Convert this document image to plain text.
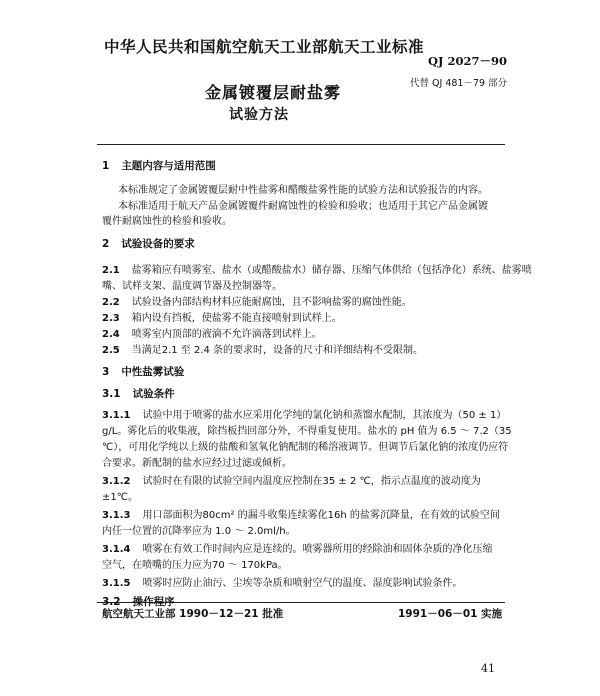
中华人民共和国航空航天工业部航天工业标准
QJ 2027－90
代替 QJ 481－79 部分
金属镀覆层耐盐雾
试验方法
1 主题内容与适用范围
本标准规定了金属镀覆层耐中性盐雾和醋酸盐雾性能的试验方法和试验报告的内容。
本标准适用于航天产品金属镀覆件耐腐蚀性的检验和验收；也适用于其它产品金属镀
覆件耐腐蚀性的检验和验收。
2 试验设备的要求
2.1 盐雾箱应有喷雾室、盐水（或醋酸盐水）储存器、压缩气体供给（包括净化）系统、盐雾喷
嘴、试样支架、温度调节器及控制器等。
2.2 试验设备内部结构材料应能耐腐蚀，且不影响盐雾的腐蚀性能。
2.3 箱内设有挡板，使盐雾不能直接喷射到试样上。
2.4 喷雾室内顶部的液滴不允许滴落到试样上。
2.5 当满足2.1 至 2.4 条的要求时，设备的尺寸和详细结构不受限制。
3 中性盐雾试验
3.1 试验条件
3.1.1 试验中用于喷雾的盐水应采用化学纯的氯化钠和蒸馏水配制，其浓度为（50 ± 1）
g/L。雾化后的收集液，除挡板挡回部分外，不得重复使用。盐水的 pH 值为 6.5 ～ 7.2（35
℃），可用化学纯以上级的盐酸和氢氧化钠配制的稀溶液调节。但调节后氯化钠的浓度仍应符
合要求。新配制的盐水应经过过滤或倾析。
3.1.2 试验时在有限的试验空间内温度应控制在35 ± 2 ℃，指示点温度的波动度为
±1℃。
3.1.3 用口部面积为80cm² 的漏斗收集连续雾化16h 的盐雾沉降量，在有效的试验空间
内任一位置的沉降率应为 1.0 ～ 2.0ml/h。
3.1.4 喷雾在有效工作时间内应是连续的。喷雾器所用的经除油和固体杂质的净化压缩
空气，在喷嘴的压力应为70 ～ 170kPa。
3.1.5 喷雾时应防止油污、尘埃等杂质和喷射空气的温度、湿度影响试验条件。
3.2 操作程序
航空航天工业部 1990－12－21 批准	1991－06－01 实施
41
